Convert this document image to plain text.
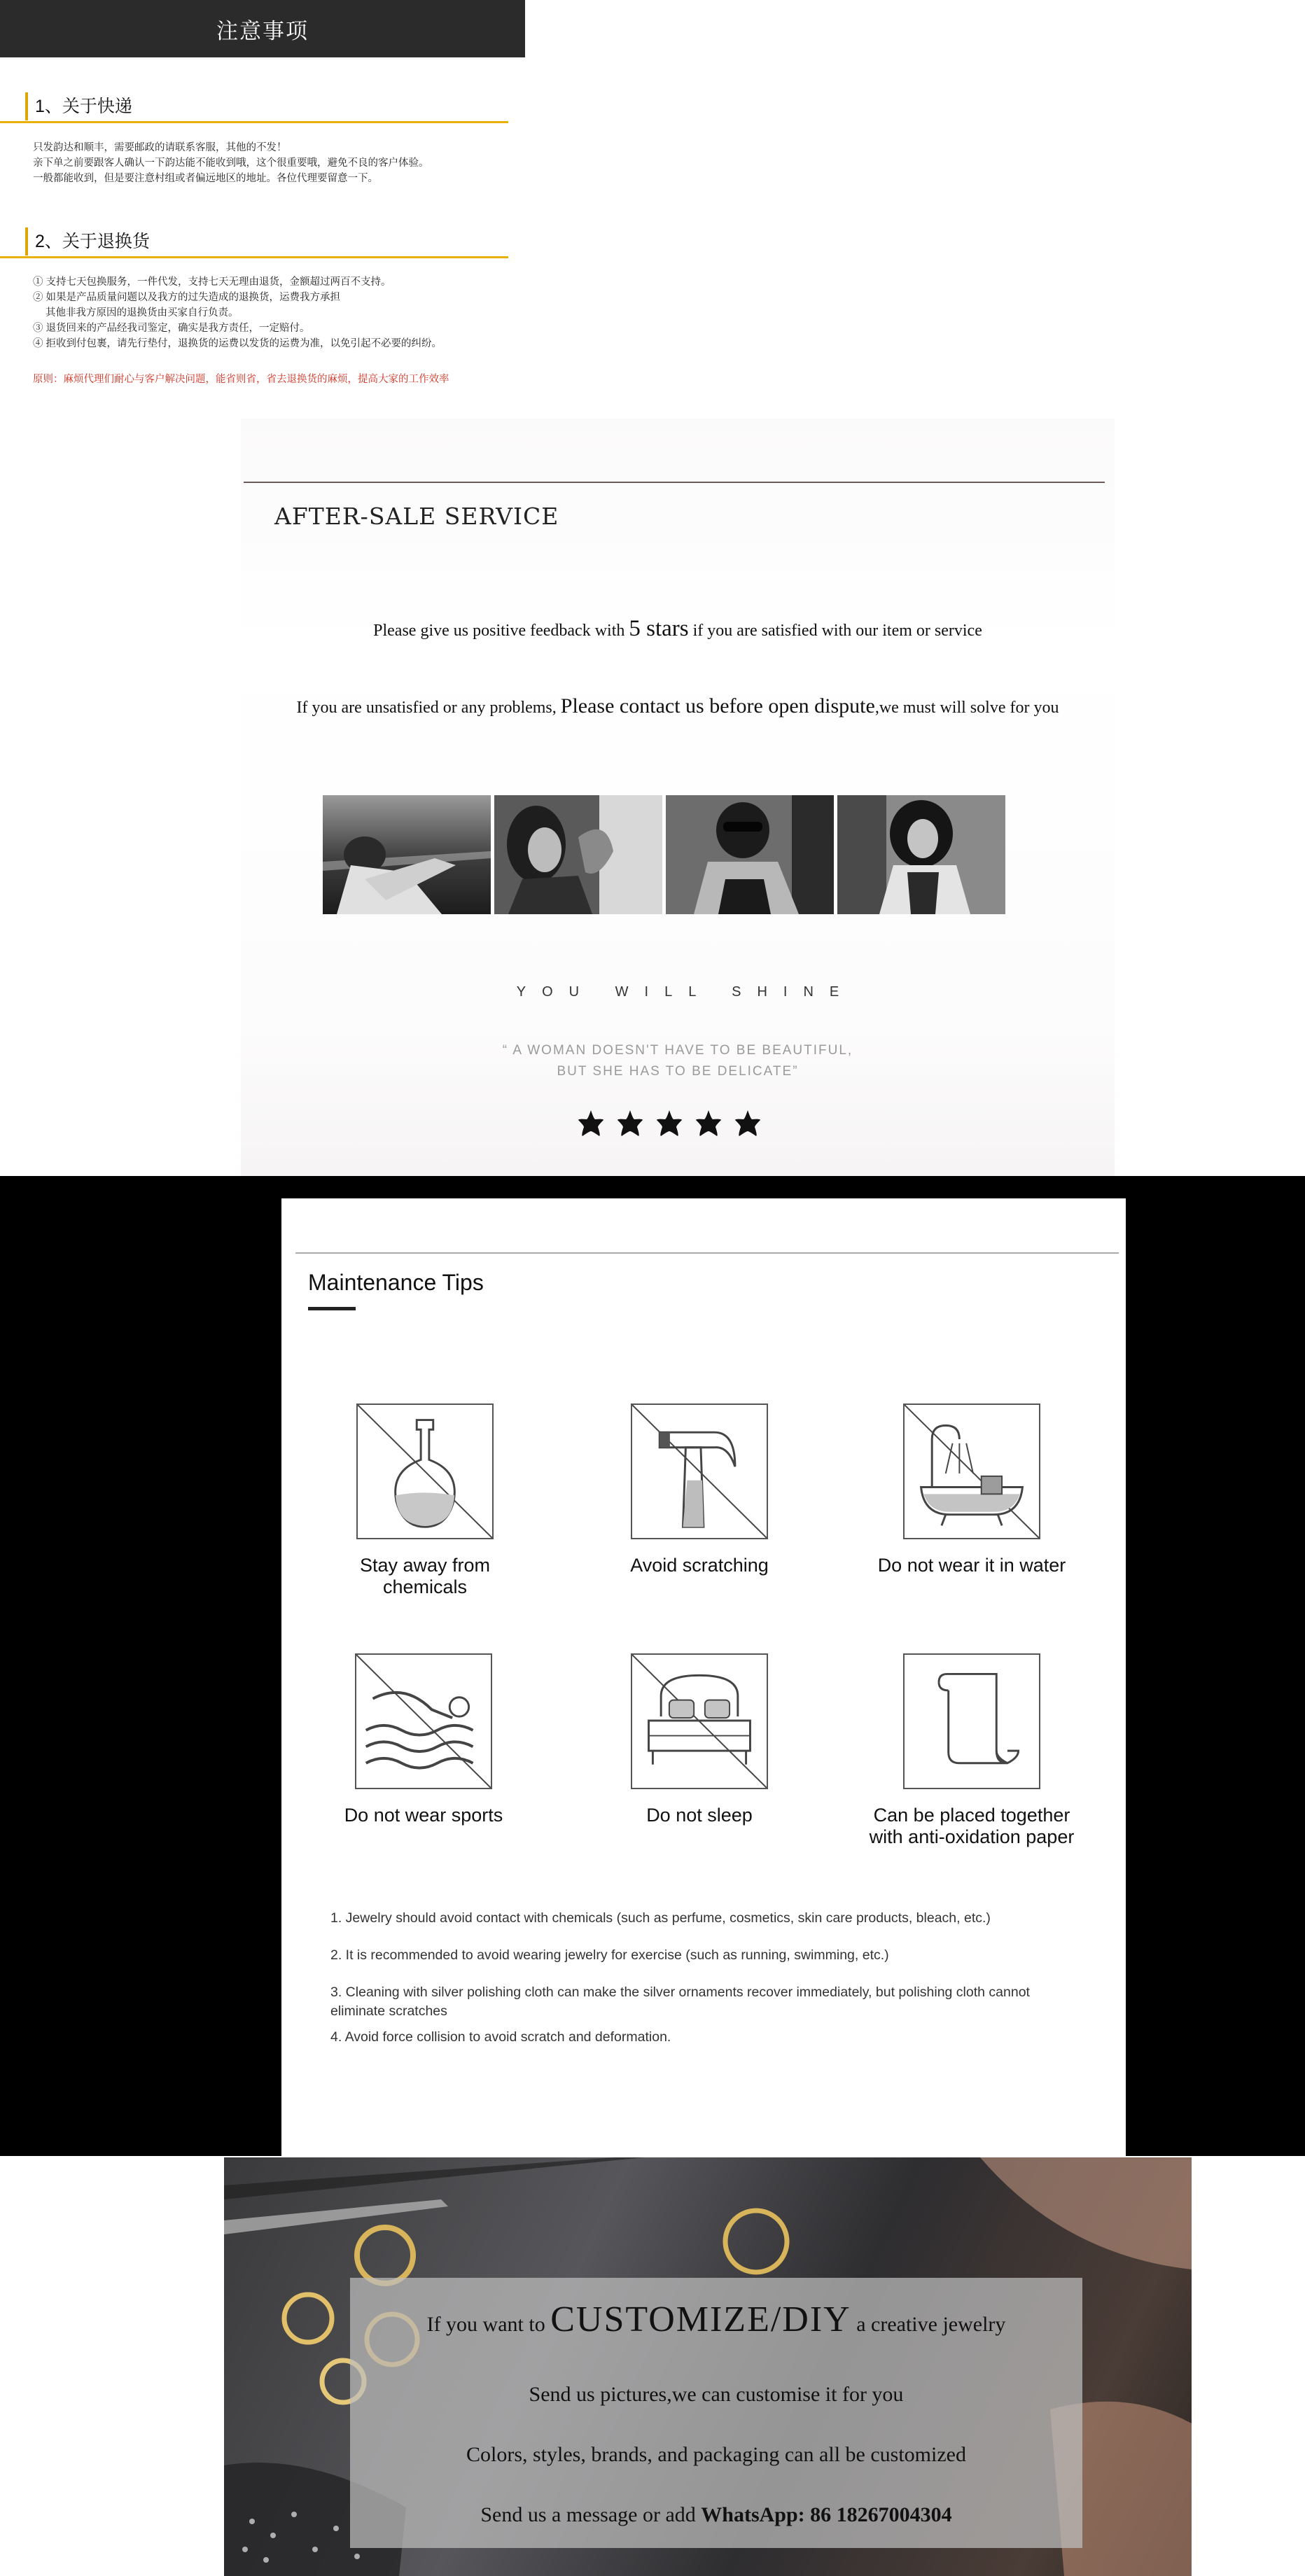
注意事项
1、关于快递
只发韵达和顺丰，需要邮政的请联系客服，其他的不发！
亲下单之前要跟客人确认一下韵达能不能收到哦，这个很重要哦，避免不良的客户体验。
一般都能收到，但是要注意村组或者偏远地区的地址。各位代理要留意一下。
2、关于退换货
① 支持七天包换服务，一件代发，支持七天无理由退货，金额超过两百不支持。
② 如果是产品质量问题以及我方的过失造成的退换货，运费我方承担
其他非我方原因的退换货由买家自行负责。
③ 退货回来的产品经我司鉴定，确实是我方责任，一定赔付。
④ 拒收到付包裹，请先行垫付，退换货的运费以发货的运费为准，以免引起不必要的纠纷。
原则：麻烦代理们耐心与客户解决问题，能省则省，省去退换货的麻烦，提高大家的工作效率
AFTER-SALE SERVICE
Please give us positive feedback with 5 stars if you are satisfied with our item or service
If you are unsatisfied or any problems, Please contact us before open dispute,we must will solve for you
YOU WILL SHINE
“ A WOMAN DOESN'T HAVE TO BE BEAUTIFUL,
BUT SHE HAS TO BE DELICATE”
Maintenance Tips
Stay away from chemicals
Avoid scratching	Do not wear it in water
Do not wear sports	Do not sleep	Can be placed together with anti-oxidation paper
1. Jewelry should avoid contact with chemicals (such as perfume, cosmetics, skin care products, bleach, etc.)
2. It is recommended to avoid wearing jewelry for exercise (such as running, swimming, etc.)
3. Cleaning with silver polishing cloth can make the silver ornaments recover immediately, but polishing cloth cannot eliminate scratches
4. Avoid force collision to avoid scratch and deformation.
If you want to CUSTOMIZE/DIY a creative jewelry
Send us pictures,we can customise it for you
Colors, styles, brands, and packaging can all be customized
Send us a message or add WhatsApp: 86 18267004304
